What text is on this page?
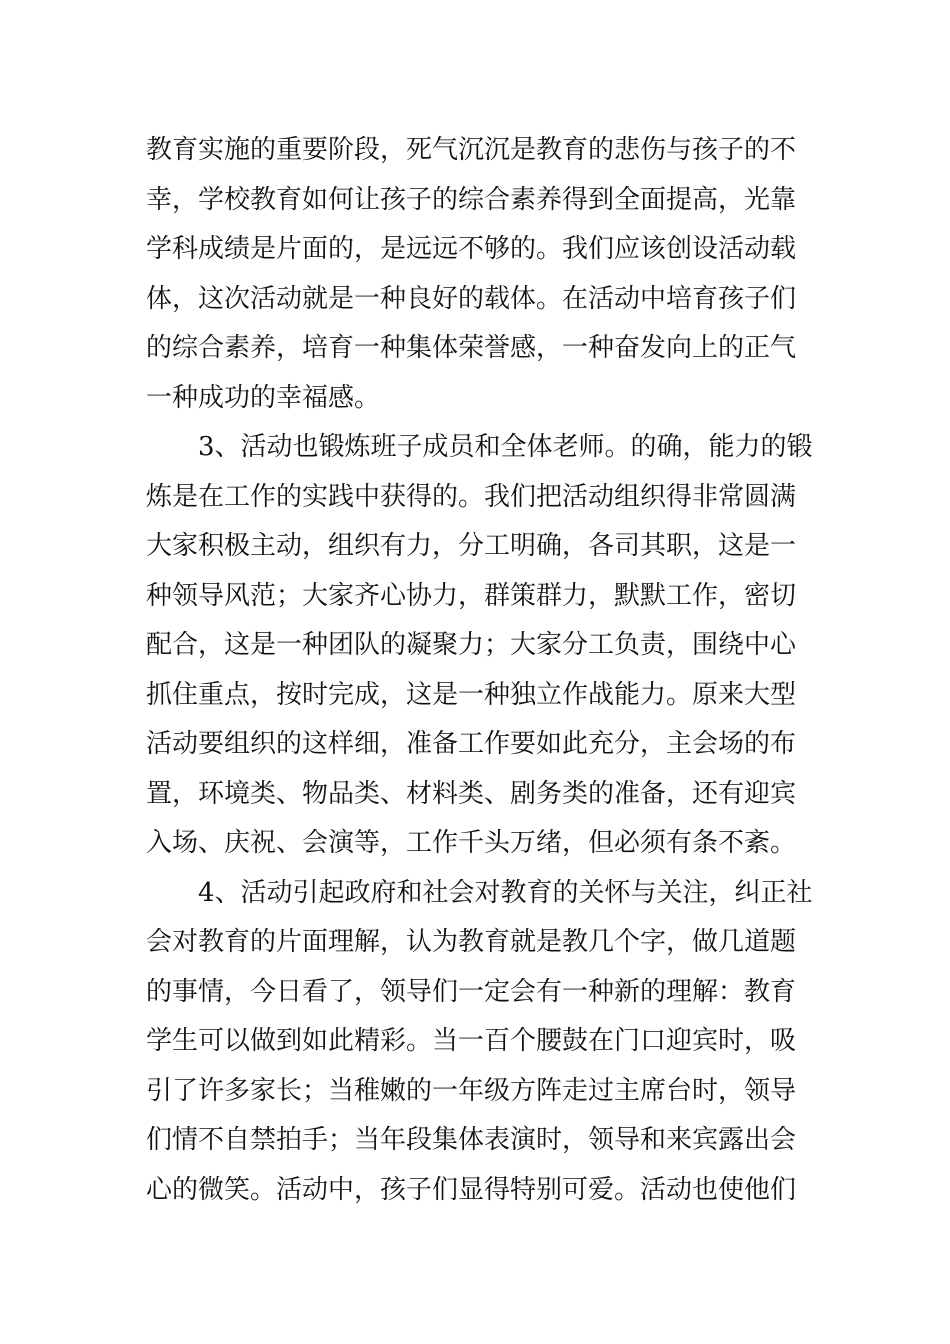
教育实施的重要阶段，死气沉沉是教育的悲伤与孩子的不
幸，学校教育如何让孩子的综合素养得到全面提高，光靠
学科成绩是片面的，是远远不够的。我们应该创设活动载
体，这次活动就是一种良好的载体。在活动中培育孩子们
的综合素养，培育一种集体荣誉感，一种奋发向上的正气
一种成功的幸福感。
3、活动也锻炼班子成员和全体老师。的确，能力的锻
炼是在工作的实践中获得的。我们把活动组织得非常圆满
大家积极主动，组织有力，分工明确，各司其职，这是一
种领导风范；大家齐心协力，群策群力，默默工作，密切
配合，这是一种团队的凝聚力；大家分工负责，围绕中心
抓住重点，按时完成，这是一种独立作战能力。原来大型
活动要组织的这样细，准备工作要如此充分，主会场的布
置，环境类、物品类、材料类、剧务类的准备，还有迎宾
入场、庆祝、会演等，工作千头万绪，但必须有条不紊。
4、活动引起政府和社会对教育的关怀与关注，纠正社
会对教育的片面理解，认为教育就是教几个字，做几道题
的事情，今日看了，领导们一定会有一种新的理解：教育
学生可以做到如此精彩。当一百个腰鼓在门口迎宾时，吸
引了许多家长；当稚嫩的一年级方阵走过主席台时，领导
们情不自禁拍手；当年段集体表演时，领导和来宾露出会
心的微笑。活动中，孩子们显得特别可爱。活动也使他们
